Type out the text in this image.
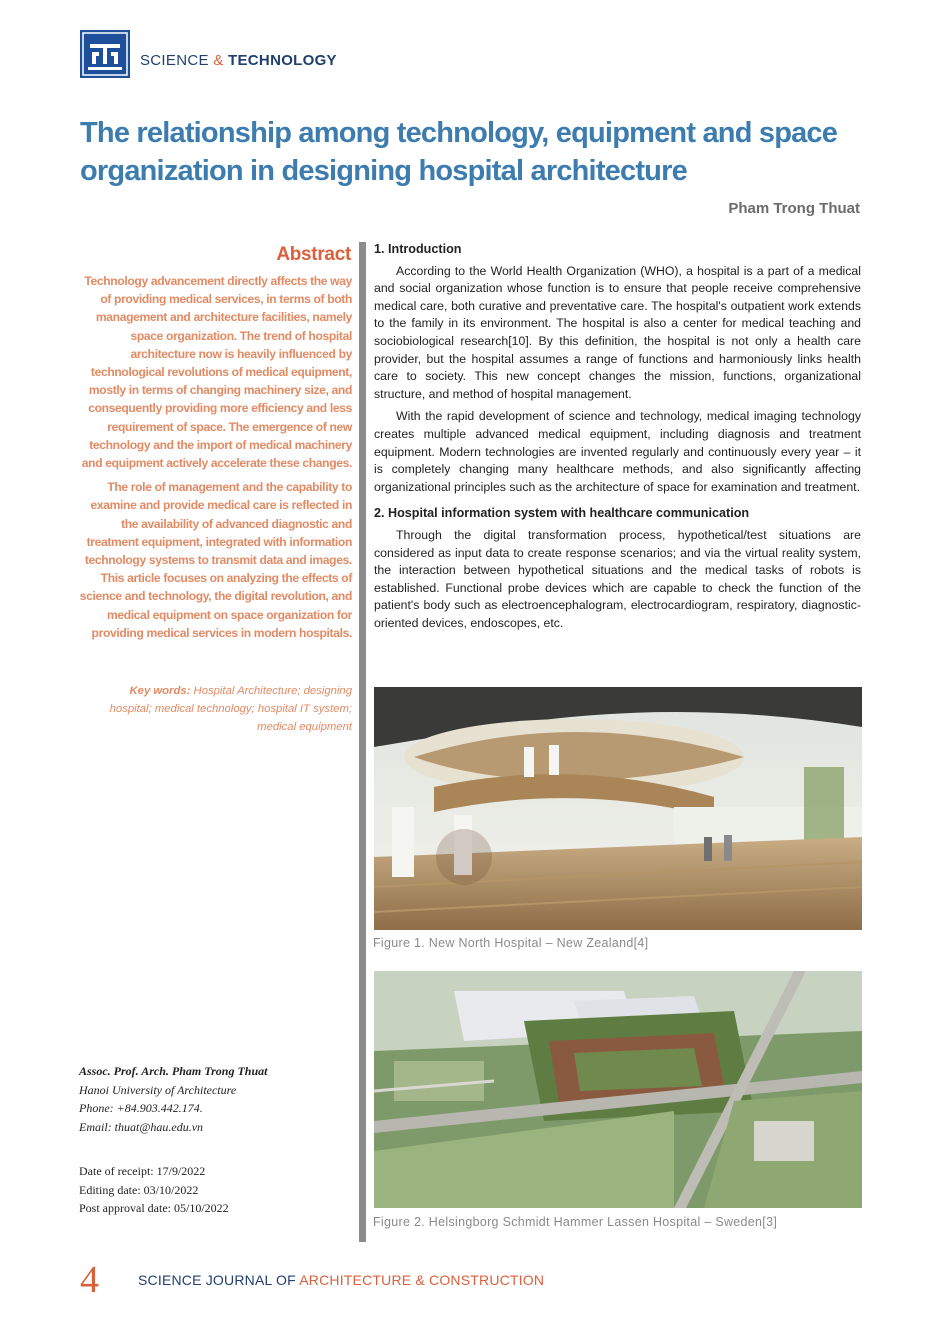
SCIENCE & TECHNOLOGY
The relationship among technology, equipment and space organization in designing hospital architecture
Pham Trong Thuat
Abstract

Technology advancement directly affects the way of providing medical services, in terms of both management and architecture facilities, namely space organization. The trend of hospital architecture now is heavily influenced by technological revolutions of medical equipment, mostly in terms of changing machinery size, and consequently providing more efficiency and less requirement of space. The emergence of new technology and the import of medical machinery and equipment actively accelerate these changes.

The role of management and the capability to examine and provide medical care is reflected in the availability of advanced diagnostic and treatment equipment, integrated with information technology systems to transmit data and images. This article focuses on analyzing the effects of science and technology, the digital revolution, and medical equipment on space organization for providing medical services in modern hospitals.

Key words: Hospital Architecture; designing hospital; medical technology; hospital IT system; medical equipment
Assoc. Prof. Arch. Pham Trong Thuat
Hanoi University of Architecture
Phone: +84.903.442.174.
Email: thuat@hau.edu.vn
Date of receipt: 17/9/2022
Editing date: 03/10/2022
Post approval date: 05/10/2022
1. Introduction

According to the World Health Organization (WHO), a hospital is a part of a medical and social organization whose function is to ensure that people receive comprehensive medical care, both curative and preventative care. The hospital's outpatient work extends to the family in its environment. The hospital is also a center for medical teaching and sociobiological research[10]. By this definition, the hospital is not only a health care provider, but the hospital assumes a range of functions and harmoniously links health care to society. This new concept changes the mission, functions, organizational structure, and method of hospital management.

With the rapid development of science and technology, medical imaging technology creates multiple advanced medical equipment, including diagnosis and treatment equipment. Modern technologies are invented regularly and continuously every year – it is completely changing many healthcare methods, and also significantly affecting organizational principles such as the architecture of space for examination and treatment.

2. Hospital information system with healthcare communication

Through the digital transformation process, hypothetical/test situations are considered as input data to create response scenarios; and via the virtual reality system, the interaction between hypothetical situations and the medical tasks of robots is established. Functional probe devices which are capable to check the function of the patient's body such as electroencephalogram, electrocardiogram, respiratory, diagnostic-oriented devices, endoscopes, etc.

Figure 1. New North Hospital – New Zealand[4]
Figure 2. Helsingborg Schmidt Hammer Lassen Hospital – Sweden[3]
4	SCIENCE JOURNAL OF ARCHITECTURE & CONSTRUCTION
